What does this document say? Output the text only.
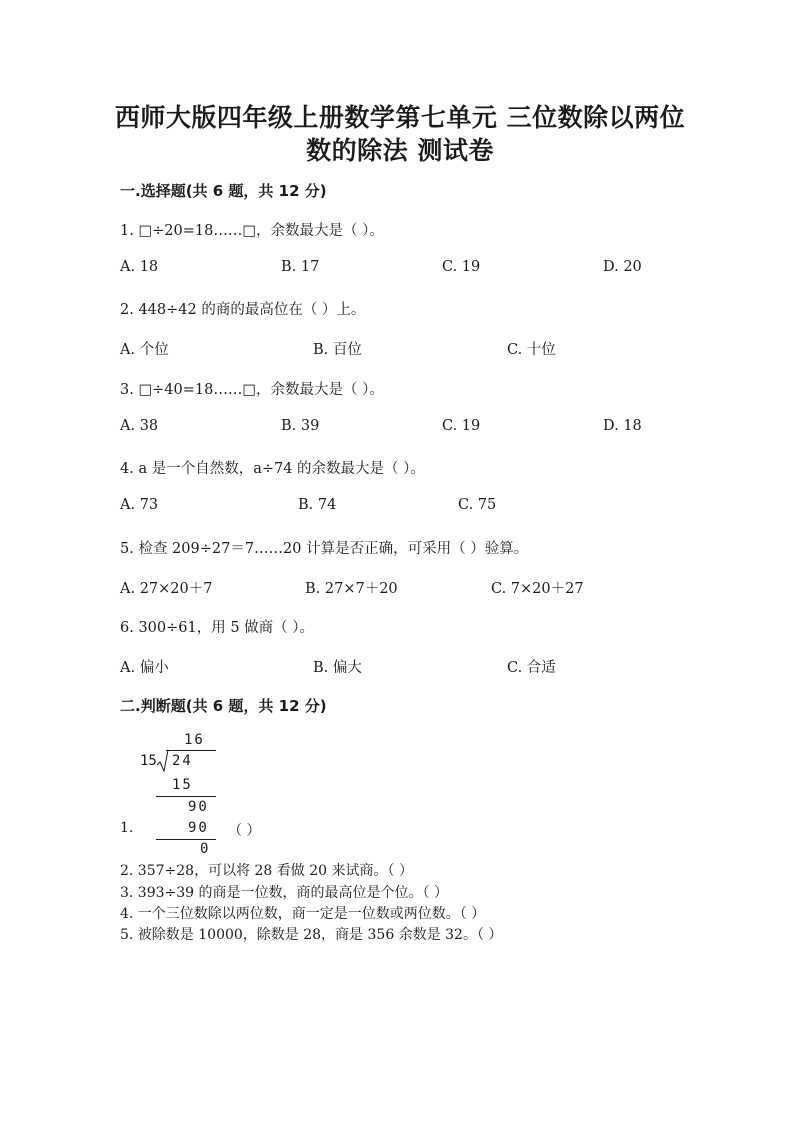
西师大版四年级上册数学第七单元 三位数除以两位
数的除法 测试卷
一.选择题(共 6 题，共 12 分)
1. □÷20=18……□，余数最大是（ ）。
A. 18	B. 17	C. 19	D. 20
2. 448÷42 的商的最高位在（ ）上。
A. 个位	B. 百位	C. 十位
3. □÷40=18……□，余数最大是（ ）。
A. 38	B. 39	C. 19	D. 18
4. a 是一个自然数，a÷74 的余数最大是（ ）。
A. 73	B. 74	C. 75
5. 检查 209÷27＝7……20 计算是否正确，可采用（ ）验算。
A. 27×20＋7	B. 27×7＋20	C. 7×20＋27
6. 300÷61，用 5 做商（ ）。
A. 偏小	B. 偏大	C. 合适
二.判断题(共 6 题，共 12 分)
16
15 24
15
90
90
0
1.	（ ）
2. 357÷28，可以将 28 看做 20 来试商。（ ）
3. 393÷39 的商是一位数，商的最高位是个位。（ ）
4. 一个三位数除以两位数，商一定是一位数或两位数。（ ）
5. 被除数是 10000，除数是 28，商是 356 余数是 32。（ ）
